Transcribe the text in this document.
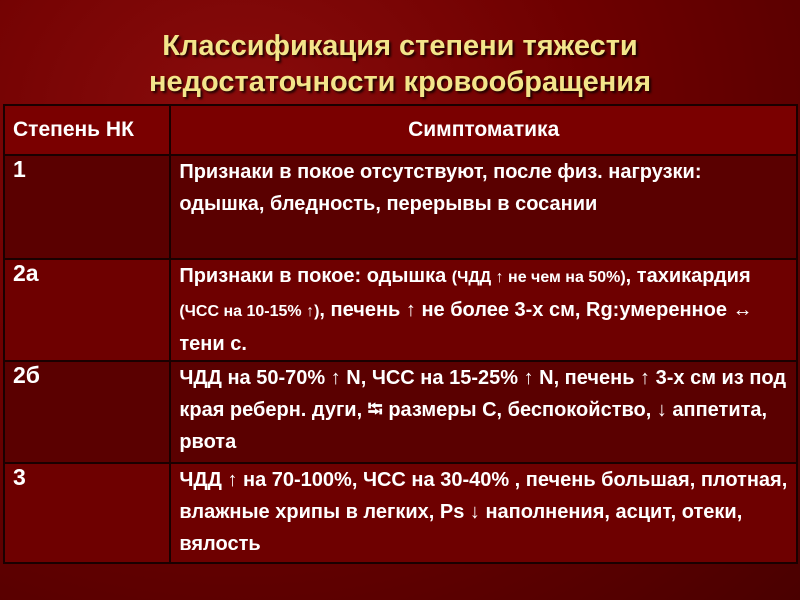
Классификация степени тяжести
недостаточности кровообращения
Степень НК	Симптоматика
1	Признаки в покое отсутствуют, после физ. нагрузки: одышка, бледность, перерывы в сосании
2а	Признаки в покое: одышка (ЧДД ↑ не чем на 50%), тахикардия (ЧСС на 10-15% ↑), печень ↑ не более 3-х см, Rg:умеренное ↔ тени с.
2б	ЧДД на 50-70% ↑ N, ЧСС на 15-25% ↑ N, печень ↑ 3-х см из под края реберн. дуги, ⭾ размеры С, беспокойство, ↓ аппетита, рвота
3	ЧДД ↑ на 70-100%, ЧСС на 30-40% , печень большая, плотная, влажные хрипы в легких, Ps ↓ наполнения, асцит, отеки, вялость
